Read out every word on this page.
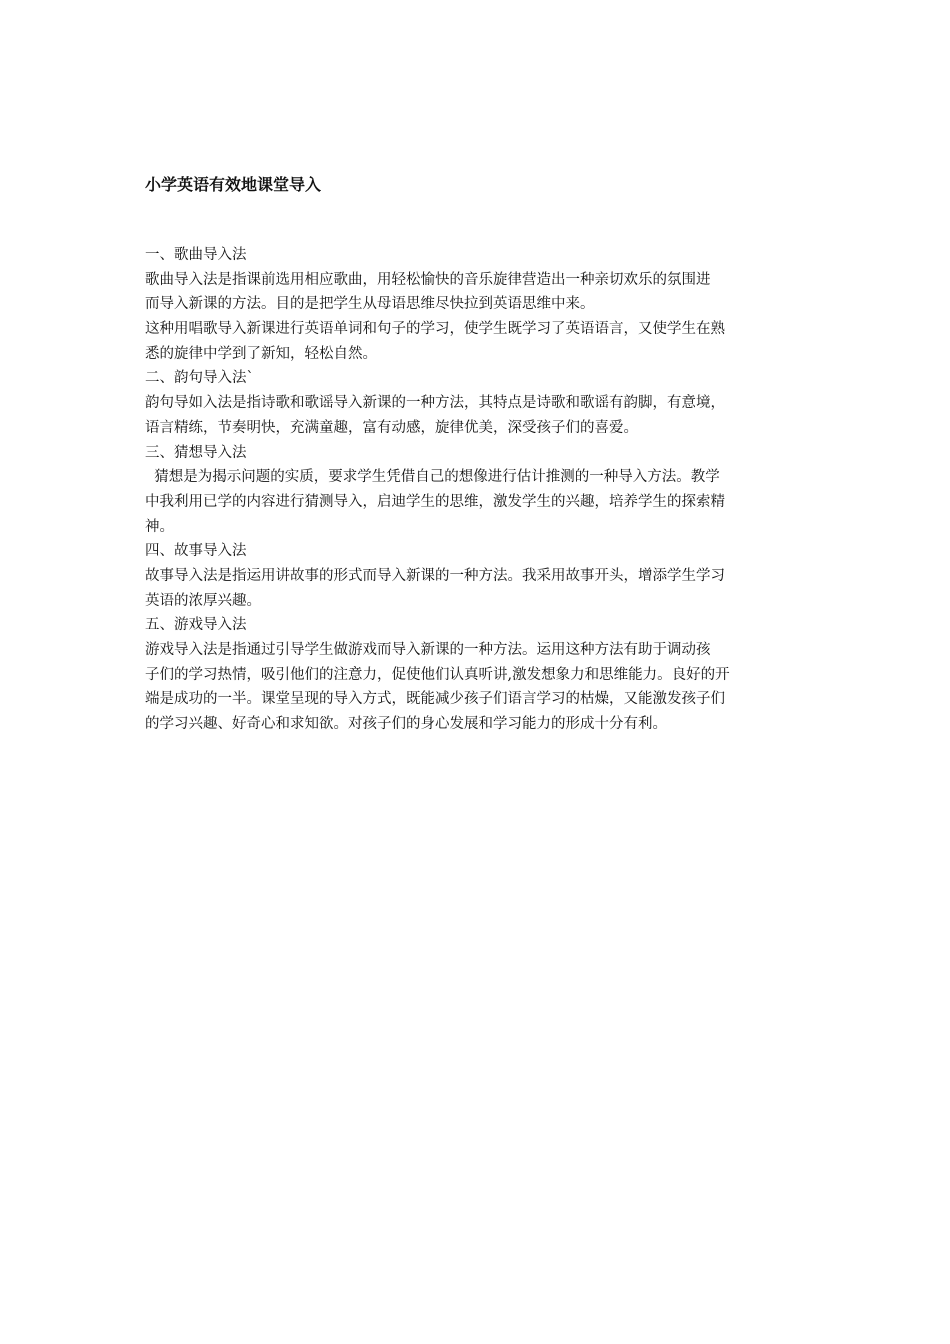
小学英语有效地课堂导入
一、歌曲导入法
歌曲导入法是指课前选用相应歌曲，用轻松愉快的音乐旋律营造出一种亲切欢乐的氛围进
而导入新课的方法。目的是把学生从母语思维尽快拉到英语思维中来。
这种用唱歌导入新课进行英语单词和句子的学习，使学生既学习了英语语言，又使学生在熟
悉的旋律中学到了新知，轻松自然。
二、韵句导入法`
韵句导如入法是指诗歌和歌谣导入新课的一种方法，其特点是诗歌和歌谣有韵脚，有意境，
语言精练，节奏明快，充满童趣，富有动感，旋律优美，深受孩子们的喜爱。
三、猜想导入法
猜想是为揭示问题的实质，要求学生凭借自己的想像进行估计推测的一种导入方法。教学
中我利用已学的内容进行猜测导入，启迪学生的思维，激发学生的兴趣，培养学生的探索精
神。
四、故事导入法
故事导入法是指运用讲故事的形式而导入新课的一种方法。我采用故事开头，增添学生学习
英语的浓厚兴趣。
五、游戏导入法
游戏导入法是指通过引导学生做游戏而导入新课的一种方法。运用这种方法有助于调动孩
子们的学习热情，吸引他们的注意力，促使他们认真听讲,激发想象力和思维能力。良好的开
端是成功的一半。课堂呈现的导入方式，既能减少孩子们语言学习的枯燥，又能激发孩子们
的学习兴趣、好奇心和求知欲。对孩子们的身心发展和学习能力的形成十分有利。
